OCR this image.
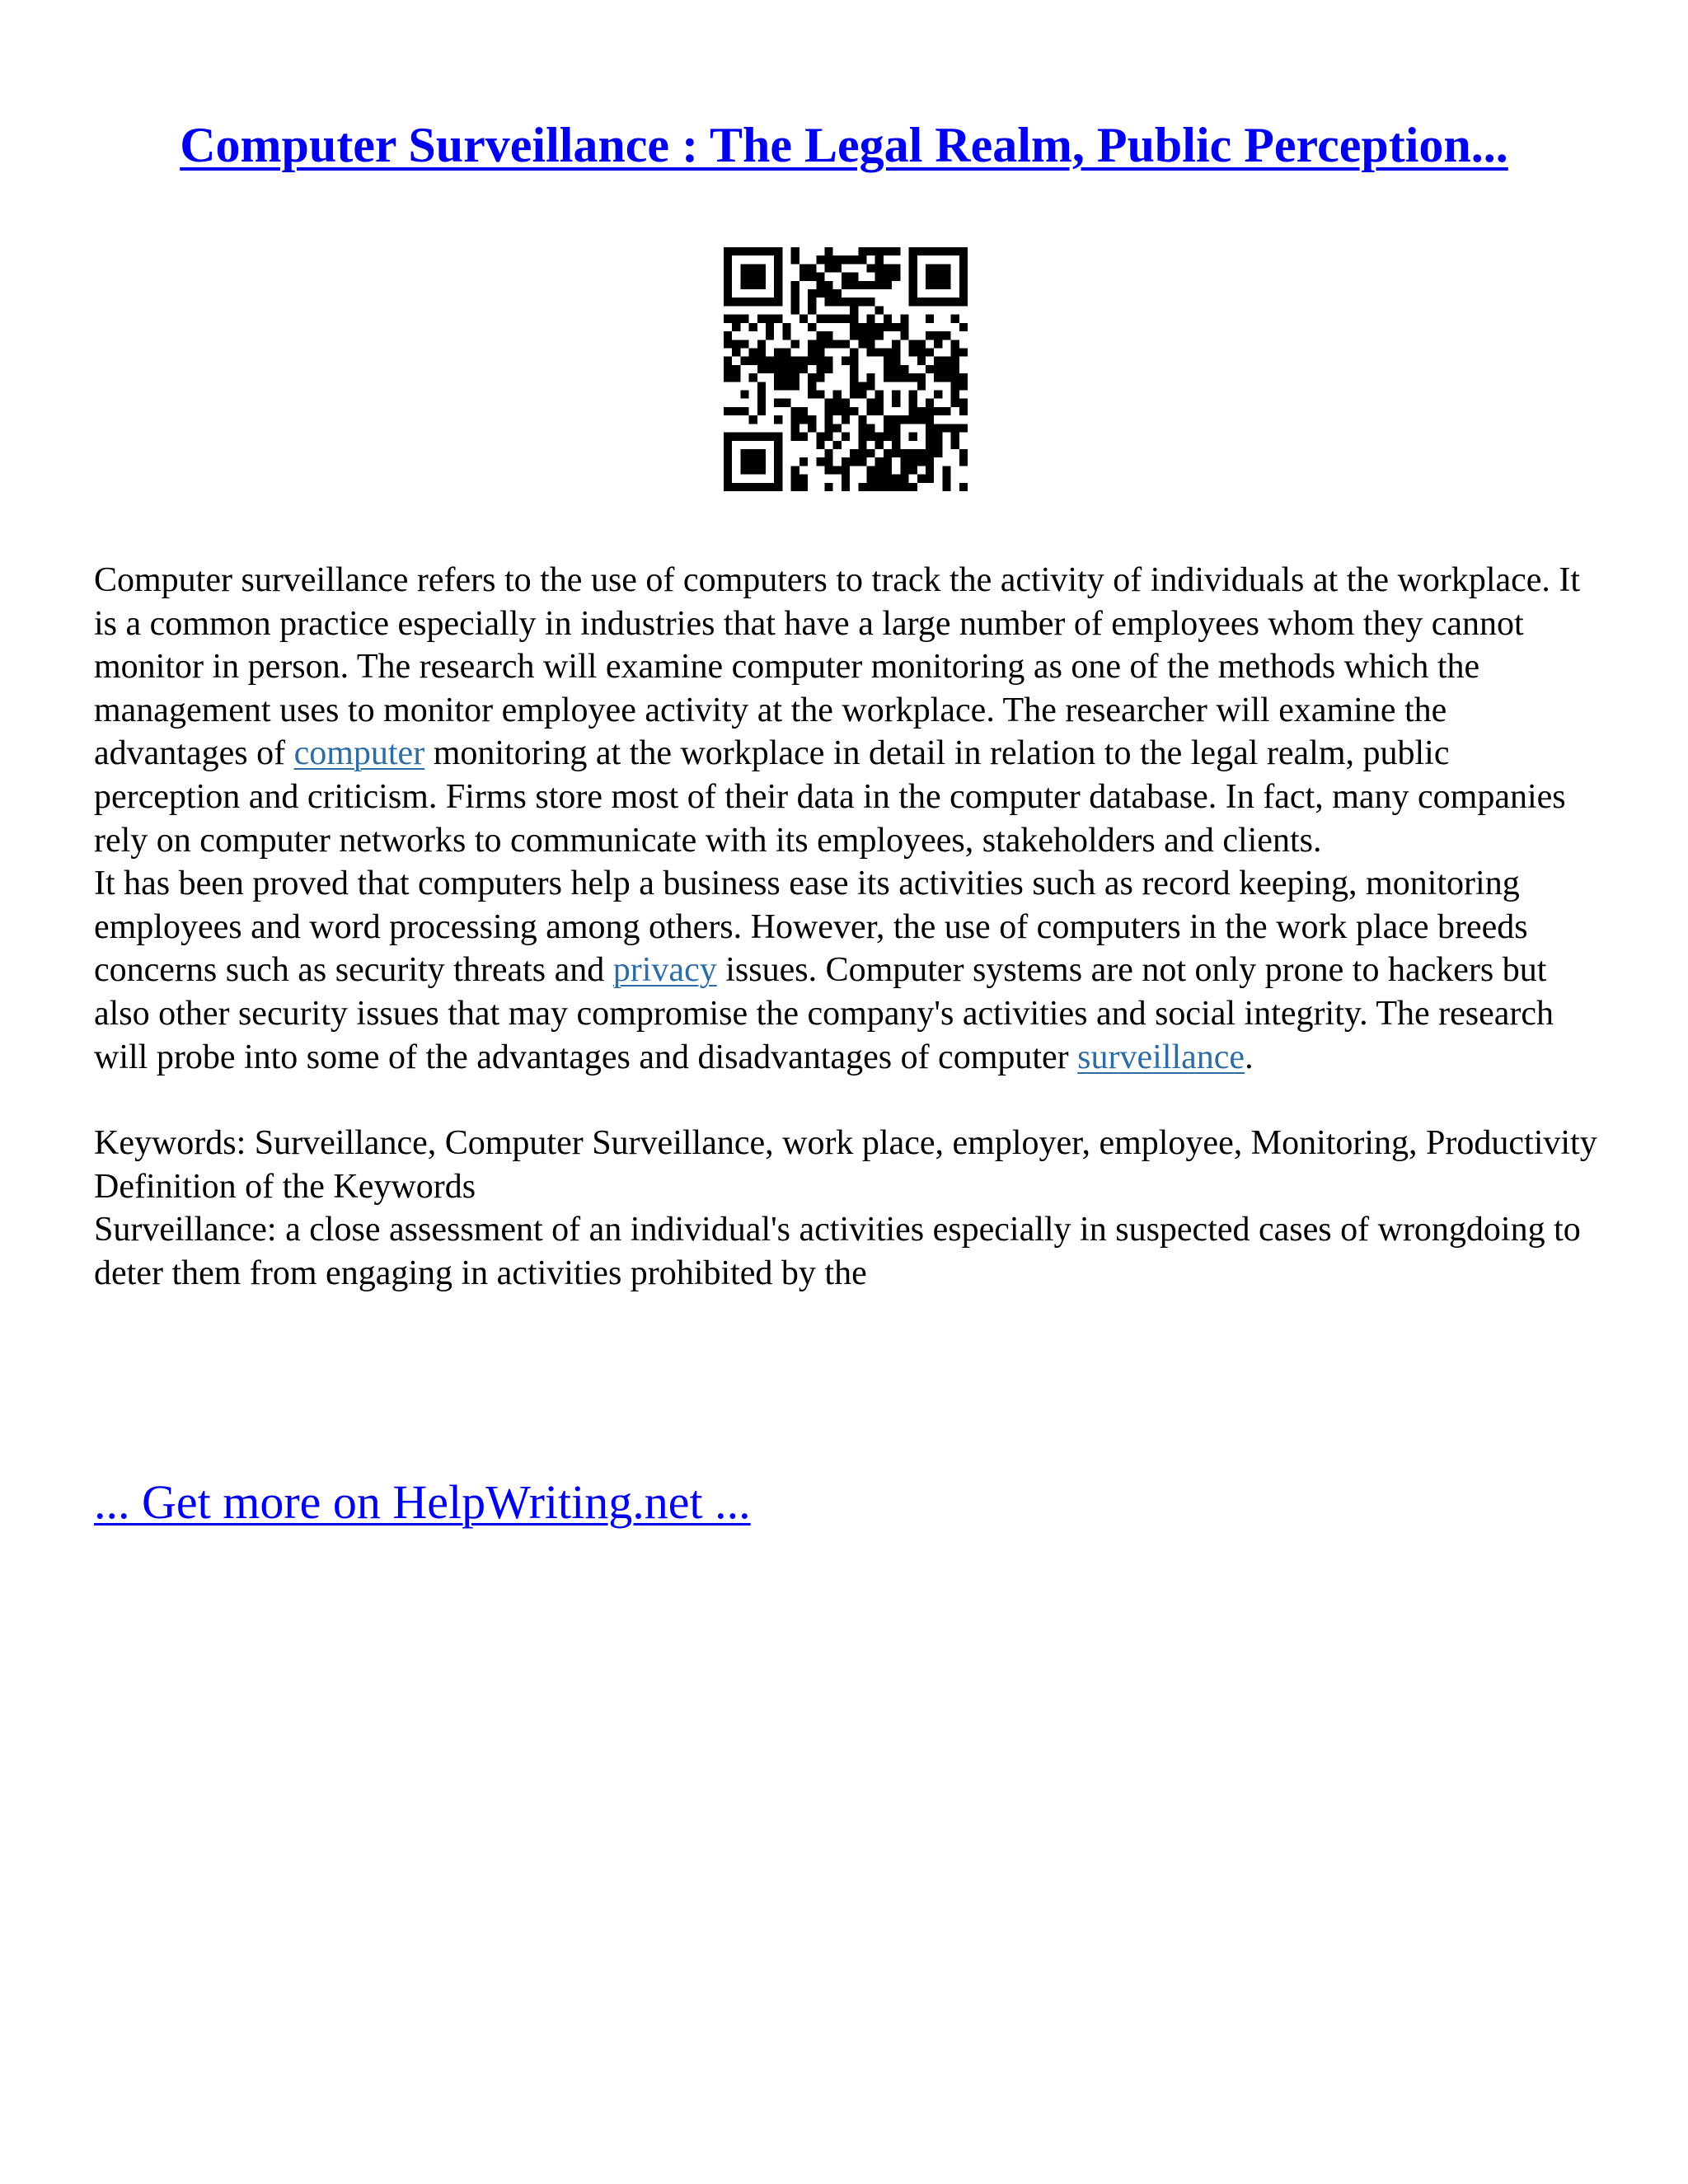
Computer Surveillance : The Legal Realm, Public Perception...

Computer surveillance refers to the use of computers to track the activity of individuals at the workplace. It is a common practice especially in industries that have a large number of employees whom they cannot monitor in person. The research will examine computer monitoring as one of the methods which the management uses to monitor employee activity at the workplace. The researcher will examine the advantages of computer monitoring at the workplace in detail in relation to the legal realm, public perception and criticism. Firms store most of their data in the computer database. In fact, many companies rely on computer networks to communicate with its employees, stakeholders and clients.

It has been proved that computers help a business ease its activities such as record keeping, monitoring employees and word processing among others. However, the use of computers in the work place breeds concerns such as security threats and privacy issues. Computer systems are not only prone to hackers but also other security issues that may compromise the company's activities and social integrity. The research will probe into some of the advantages and disadvantages of computer surveillance.

Keywords: Surveillance, Computer Surveillance, work place, employer, employee, Monitoring, Productivity

Definition of the Keywords

Surveillance: a close assessment of an individual's activities especially in suspected cases of wrongdoing to deter them from engaging in activities prohibited by the

... Get more on HelpWriting.net ...
